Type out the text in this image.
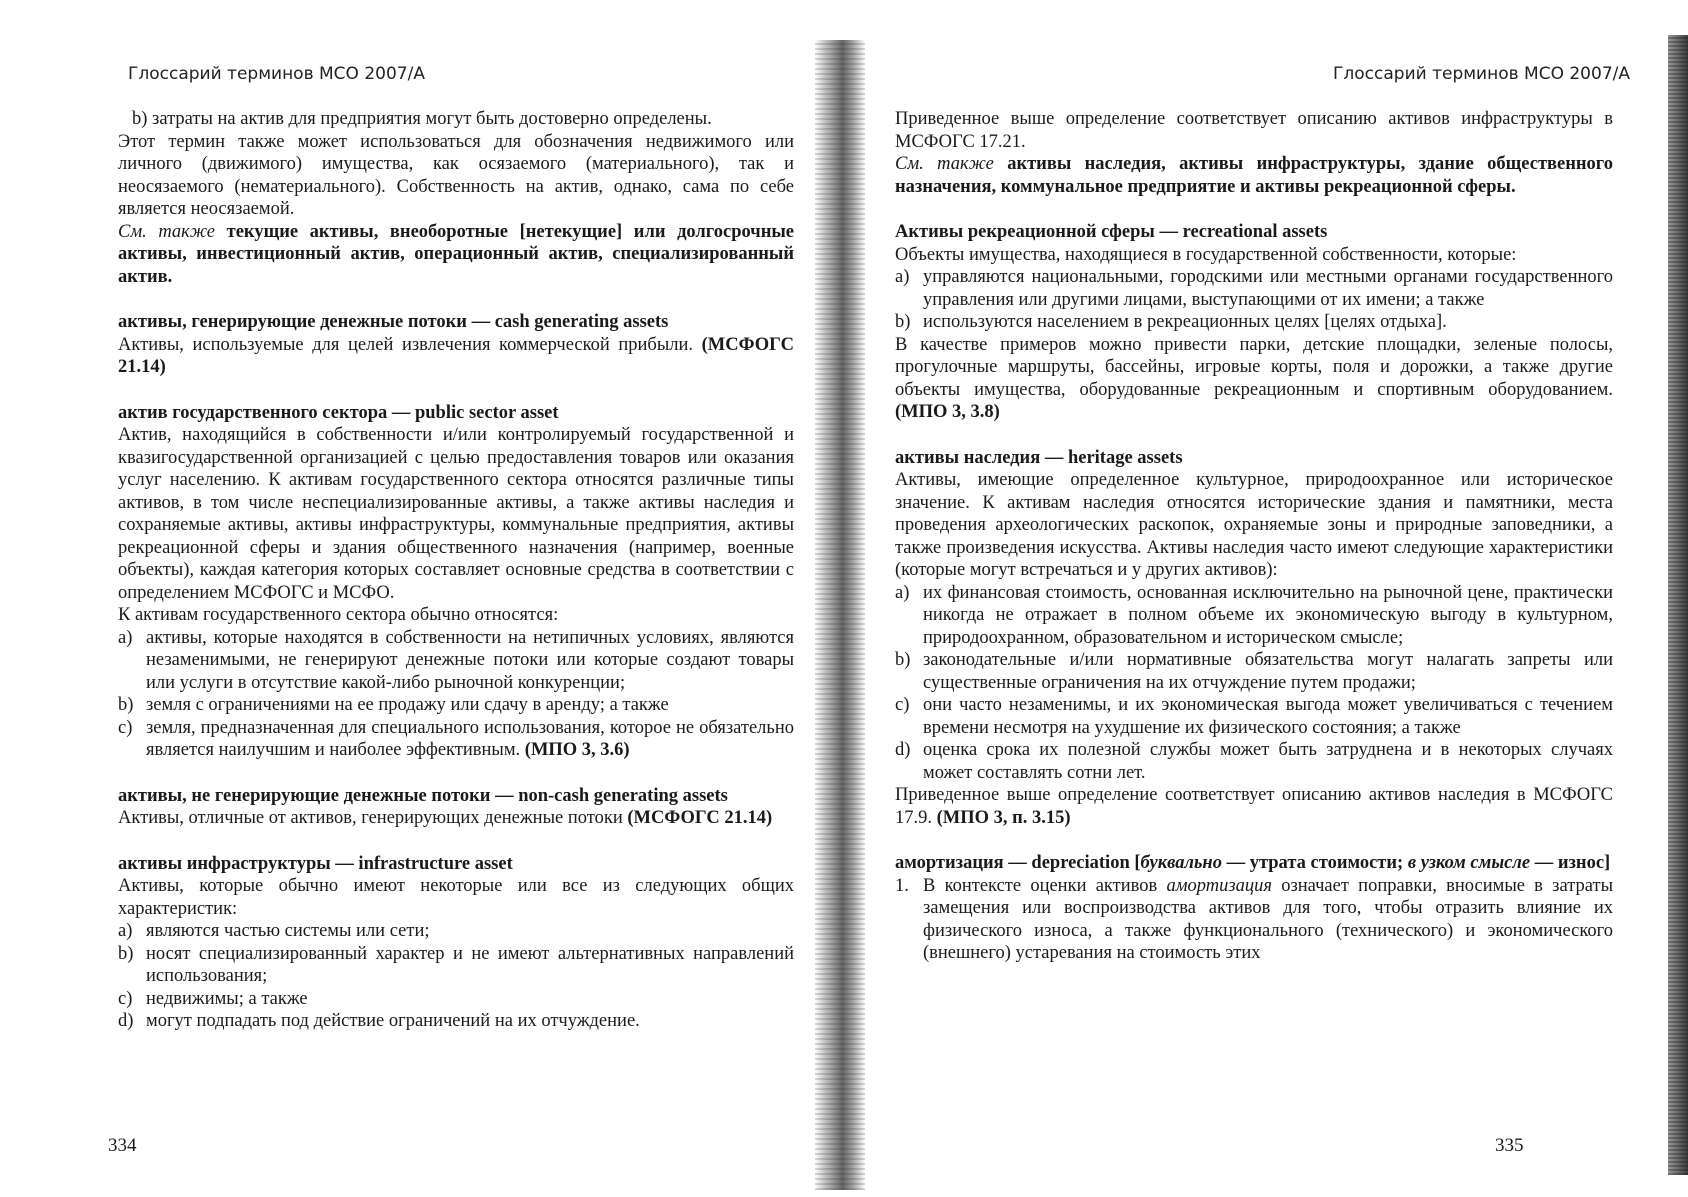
Глоссарий терминов МСО 2007/А

b) затраты на актив для предприятия могут быть достоверно определены.

Этот термин также может использоваться для обозначения недвижимого или личного (движимого) имущества, как осязаемого (материального), так и неосязаемого (нематериального). Собственность на актив, однако, сама по себе является неосязаемой.

См. также текущие активы, внеоборотные [нетекущие] или долгосрочные активы, инвестиционный актив, операционный актив, специализированный актив.

активы, генерирующие денежные потоки — cash generating assets

Активы, используемые для целей извлечения коммерческой прибыли. (МСФОГС 21.14)

актив государственного сектора — public sector asset

Актив, находящийся в собственности и/или контролируемый государственной и квазигосударственной организацией с целью предоставления товаров или оказания услуг населению. К активам государственного сектора относятся различные типы активов, в том числе неспециализированные активы, а также активы наследия и сохраняемые активы, активы инфраструктуры, коммунальные предприятия, активы рекреационной сферы и здания общественного назначения (например, военные объекты), каждая категория которых составляет основные средства в соответствии с определением МСФОГС и МСФО.

К активам государственного сектора обычно относятся:

a) активы, которые находятся в собственности на нетипичных условиях, являются незаменимыми, не генерируют денежные потоки или которые создают товары или услуги в отсутствие какой-либо рыночной конкуренции;
b) земля с ограничениями на ее продажу или сдачу в аренду; а также
c) земля, предназначенная для специального использования, которое не обязательно является наилучшим и наиболее эффективным. (МПО 3, 3.6)

активы, не генерирующие денежные потоки — non-cash generating assets

Активы, отличные от активов, генерирующих денежные потоки (МСФОГС 21.14)

активы инфраструктуры — infrastructure asset

Активы, которые обычно имеют некоторые или все из следующих общих характеристик:

a) являются частью системы или сети;
b) носят специализированный характер и не имеют альтернативных направлений использования;
c) недвижимы; а также
d) могут подпадать под действие ограничений на их отчуждение.
334
Глоссарий терминов МСО 2007/А

Приведенное выше определение соответствует описанию активов инфраструктуры в МСФОГС 17.21.

См. также активы наследия, активы инфраструктуры, здание общественного назначения, коммунальное предприятие и активы рекреационной сферы.

Активы рекреационной сферы — recreational assets

Объекты имущества, находящиеся в государственной собственности, которые:

a) управляются национальными, городскими или местными органами государственного управления или другими лицами, выступающими от их имени; а также
b) используются населением в рекреационных целях [целях отдыха].

В качестве примеров можно привести парки, детские площадки, зеленые полосы, прогулочные маршруты, бассейны, игровые корты, поля и дорожки, а также другие объекты имущества, оборудованные рекреационным и спортивным оборудованием. (МПО 3, 3.8)

активы наследия — heritage assets

Активы, имеющие определенное культурное, природоохранное или историческое значение. К активам наследия относятся исторические здания и памятники, места проведения археологических раскопок, охраняемые зоны и природные заповедники, а также произведения искусства. Активы наследия часто имеют следующие характеристики (которые могут встречаться и у других активов):

a) их финансовая стоимость, основанная исключительно на рыночной цене, практически никогда не отражает в полном объеме их экономическую выгоду в культурном, природоохранном, образовательном и историческом смысле;
b) законодательные и/или нормативные обязательства могут налагать запреты или существенные ограничения на их отчуждение путем продажи;
c) они часто незаменимы, и их экономическая выгода может увеличиваться с течением времени несмотря на ухудшение их физического состояния; а также
d) оценка срока их полезной службы может быть затруднена и в некоторых случаях может составлять сотни лет.

Приведенное выше определение соответствует описанию активов наследия в МСФОГС 17.9. (МПО 3, п. 3.15)

амортизация — depreciation [буквально — утрата стоимости; в узком смысле — износ]

1. В контексте оценки активов амортизация означает поправки, вносимые в затраты замещения или воспроизводства активов для того, чтобы отразить влияние их физического износа, а также функционального (технического) и экономического (внешнего) устаревания на стоимость этих
335
